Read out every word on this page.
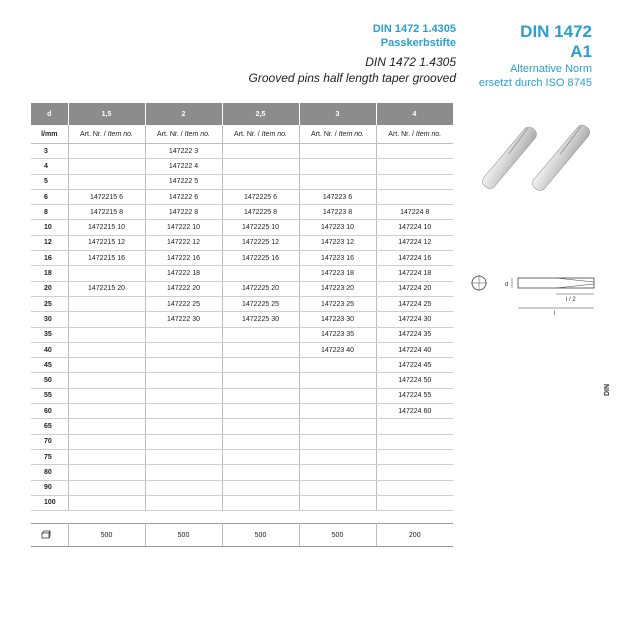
DIN 1472 1.4305
Passkerbstifte
DIN 1472 1.4305
Grooved pins half length taper grooved
DIN 1472
A1
Alternative Norm
ersetzt durch ISO 8745
d	1,5	2	2,5	3	4
l/mm	Art. Nr. / Item no.	Art. Nr. / Item no.	Art. Nr. / Item no.	Art. Nr. / Item no.	Art. Nr. / Item no.
3		147222 3			
4		147222 4			
5		147222 5			
6	1472215 6	147222 6	1472225 6	147223 6	
8	1472215 8	147222 8	1472225 8	147223 8	147224 8
10	1472215 10	147222 10	1472225 10	147223 10	147224 10
12	1472215 12	147222 12	1472225 12	147223 12	147224 12
16	1472215 16	147222 16	1472225 16	147223 16	147224 16
18		147222 18		147223 18	147224 18
20	1472215 20	147222 20	1472225 20	147223 20	147224 20
25		147222 25	1472225 25	147223 25	147224 25
30		147222 30	1472225 30	147223 30	147224 30
35				147223 35	147224 35
40				147223 40	147224 40
45					147224 45
50					147224 50
55					147224 55
60					147224 60
65					
70					
75					
80					
90					
100					

	500	500	500	500	200
d
l / 2
l
DIN
